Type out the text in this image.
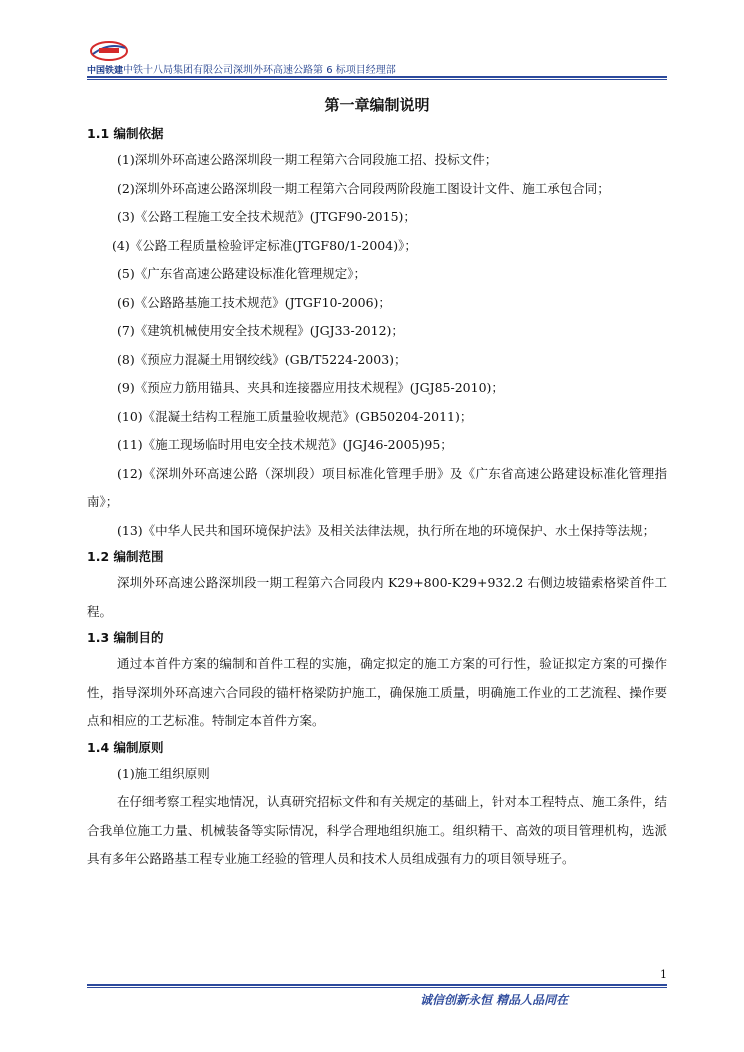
中国铁建中铁十八局集团有限公司深圳外环高速公路第 6 标项目经理部
第一章编制说明
1.1 编制依据

(1)深圳外环高速公路深圳段一期工程第六合同段施工招、投标文件；

(2)深圳外环高速公路深圳段一期工程第六合同段两阶段施工图设计文件、施工承包合同；

(3)《公路工程施工安全技术规范》(JTGF90-2015)；

(4)《公路工程质量检验评定标准(JTGF80/1-2004)》；

(5)《广东省高速公路建设标准化管理规定》；

(6)《公路路基施工技术规范》(JTGF10-2006)；

(7)《建筑机械使用安全技术规程》(JGJ33-2012)；

(8)《预应力混凝土用钢绞线》(GB/T5224-2003)；

(9)《预应力筋用锚具、夹具和连接器应用技术规程》(JGJ85-2010)；

(10)《混凝土结构工程施工质量验收规范》(GB50204-2011)；

(11)《施工现场临时用电安全技术规范》(JGJ46-2005)95；

(12)《深圳外环高速公路（深圳段）项目标准化管理手册》及《广东省高速公路建设标准化管理指南》；

(13)《中华人民共和国环境保护法》及相关法律法规，执行所在地的环境保护、水土保持等法规；

1.2 编制范围

深圳外环高速公路深圳段一期工程第六合同段内 K29+800-K29+932.2 右侧边坡锚索格梁首件工程。

1.3 编制目的

通过本首件方案的编制和首件工程的实施，确定拟定的施工方案的可行性，验证拟定方案的可操作性，指导深圳外环高速六合同段的锚杆格梁防护施工，确保施工质量，明确施工作业的工艺流程、操作要点和相应的工艺标准。特制定本首件方案。

1.4 编制原则

(1)施工组织原则

在仔细考察工程实地情况，认真研究招标文件和有关规定的基础上，针对本工程特点、施工条件，结合我单位施工力量、机械装备等实际情况，科学合理地组织施工。组织精干、高效的项目管理机构，选派具有多年公路路基工程专业施工经验的管理人员和技术人员组成强有力的项目领导班子。

1
诚信创新永恒 精品人品同在
